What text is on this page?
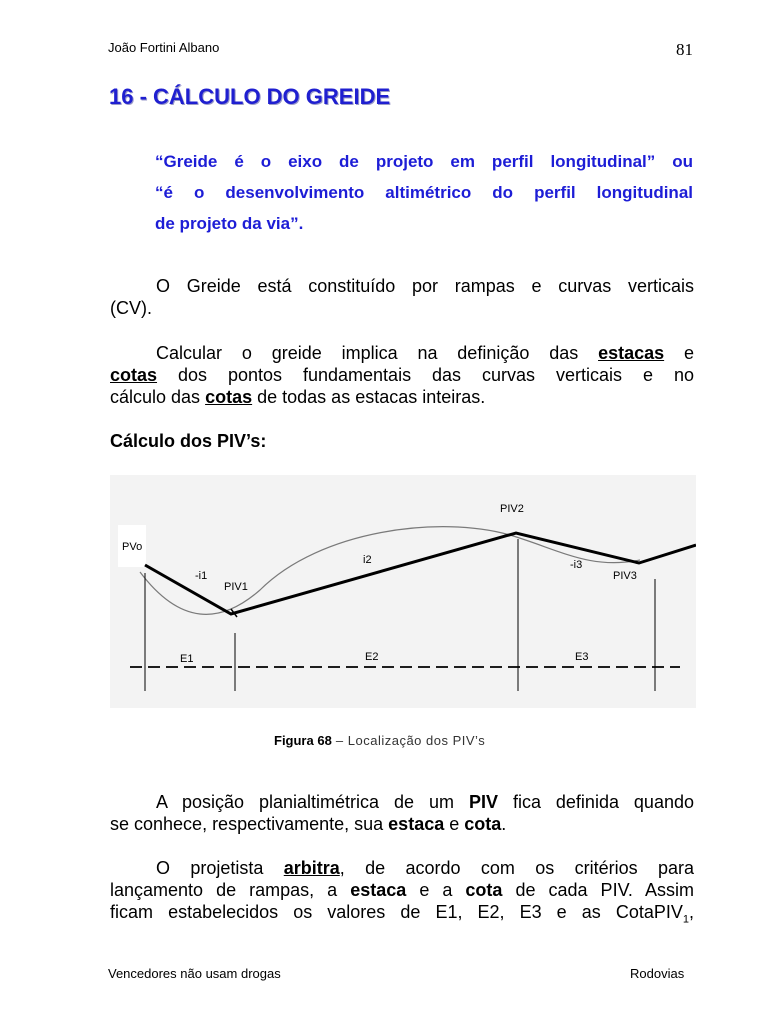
João Fortini Albano	81
16 - CÁLCULO DO GREIDE
“Greide é o eixo de projeto em perfil longitudinal” ou
“é o desenvolvimento altimétrico do perfil longitudinal
de projeto da via”.
O Greide está constituído por rampas e curvas verticais
(CV).
Calcular o greide implica na definição das estacas e
cotas dos pontos fundamentais das curvas verticais e no
cálculo das cotas de todas as estacas inteiras.
Cálculo dos PIV’s:
PVo
-i1
PIV1
i2
PIV2
-i3
PIV3
E1	E2	E3
Figura 68 – Localização dos PIV’s
A posição planialtimétrica de um PIV fica definida quando
se conhece, respectivamente, sua estaca e cota.
O projetista arbitra, de acordo com os critérios para
lançamento de rampas, a estaca e a cota de cada PIV. Assim
ficam estabelecidos os valores de E1, E2, E3 e as CotaPIV$_1$,
Vencedores não usam drogas	Rodovias
